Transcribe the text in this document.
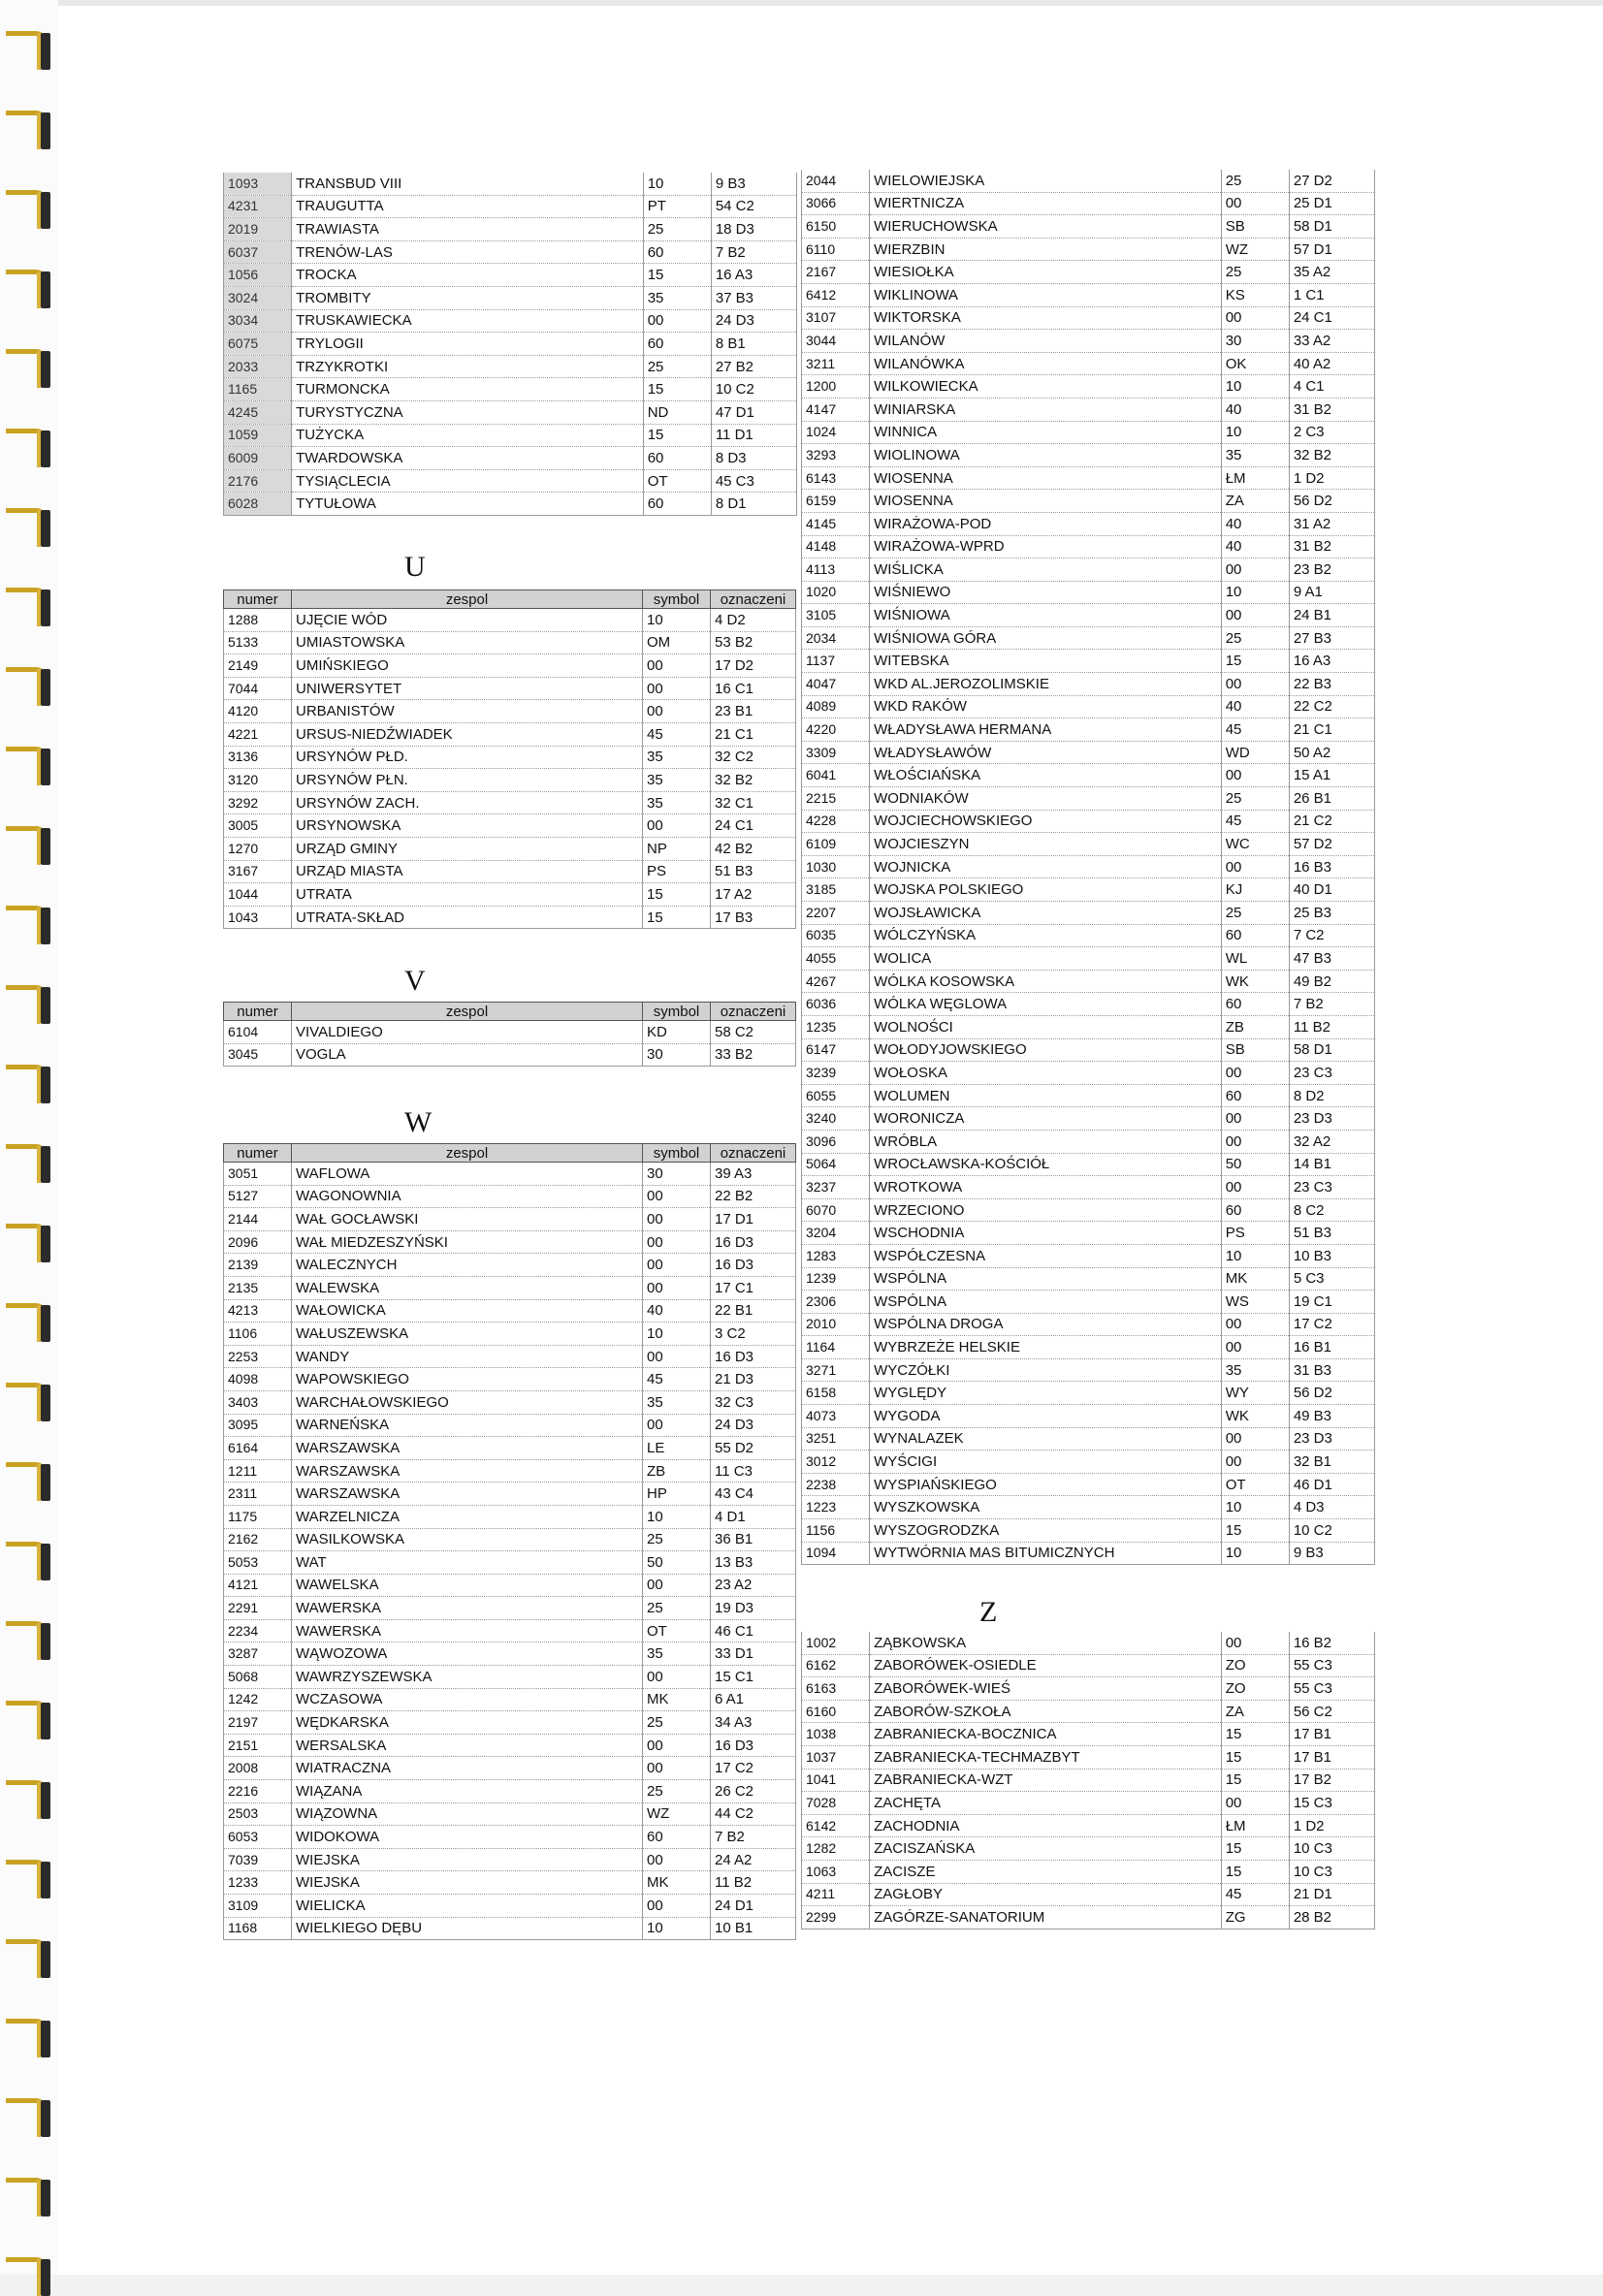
1093	TRANSBUD VIII	10	9 B3
4231	TRAUGUTTA	PT	54 C2
2019	TRAWIASTA	25	18 D3
6037	TRENÓW-LAS	60	7 B2
1056	TROCKA	15	16 A3
3024	TROMBITY	35	37 B3
3034	TRUSKAWIECKA	00	24 D3
6075	TRYLOGII	60	8 B1
2033	TRZYKROTKI	25	27 B2
1165	TURMONCKA	15	10 C2
4245	TURYSTYCZNA	ND	47 D1
1059	TUŻYCKA	15	11 D1
6009	TWARDOWSKA	60	8 D3
2176	TYSIĄCLECIA	OT	45 C3
6028	TYTUŁOWA	60	8 D1
U
numer	zespol	symbol	oznaczeni
1288	UJĘCIE WÓD	10	4 D2
5133	UMIASTOWSKA	OM	53 B2
2149	UMIŃSKIEGO	00	17 D2
7044	UNIWERSYTET	00	16 C1
4120	URBANISTÓW	00	23 B1
4221	URSUS-NIEDŹWIADEK	45	21 C1
3136	URSYNÓW PŁD.	35	32 C2
3120	URSYNÓW PŁN.	35	32 B2
3292	URSYNÓW ZACH.	35	32 C1
3005	URSYNOWSKA	00	24 C1
1270	URZĄD GMINY	NP	42 B2
3167	URZĄD MIASTA	PS	51 B3
1044	UTRATA	15	17 A2
1043	UTRATA-SKŁAD	15	17 B3
V
numer	zespol	symbol	oznaczeni
6104	VIVALDIEGO	KD	58 C2
3045	VOGLA	30	33 B2
W
numer	zespol	symbol	oznaczeni
3051	WAFLOWA	30	39 A3
5127	WAGONOWNIA	00	22 B2
2144	WAŁ GOCŁAWSKI	00	17 D1
2096	WAŁ MIEDZESZYŃSKI	00	16 D3
2139	WALECZNYCH	00	16 D3
2135	WALEWSKA	00	17 C1
4213	WAŁOWICKA	40	22 B1
1106	WAŁUSZEWSKA	10	3 C2
2253	WANDY	00	16 D3
4098	WAPOWSKIEGO	45	21 D3
3403	WARCHAŁOWSKIEGO	35	32 C3
3095	WARNEŃSKA	00	24 D3
6164	WARSZAWSKA	LE	55 D2
1211	WARSZAWSKA	ZB	11 C3
2311	WARSZAWSKA	HP	43 C4
1175	WARZELNICZA	10	4 D1
2162	WASILKOWSKA	25	36 B1
5053	WAT	50	13 B3
4121	WAWELSKA	00	23 A2
2291	WAWERSKA	25	19 D3
2234	WAWERSKA	OT	46 C1
3287	WĄWOZOWA	35	33 D1
5068	WAWRZYSZEWSKA	00	15 C1
1242	WCZASOWA	MK	6 A1
2197	WĘDKARSKA	25	34 A3
2151	WERSALSKA	00	16 D3
2008	WIATRACZNA	00	17 C2
2216	WIĄZANA	25	26 C2
2503	WIĄZOWNA	WZ	44 C2
6053	WIDOKOWA	60	7 B2
7039	WIEJSKA	00	24 A2
1233	WIEJSKA	MK	11 B2
3109	WIELICKA	00	24 D1
1168	WIELKIEGO DĘBU	10	10 B1
2044	WIELOWIEJSKA	25	27 D2
3066	WIERTNICZA	00	25 D1
6150	WIERUCHOWSKA	SB	58 D1
6110	WIERZBIN	WZ	57 D1
2167	WIESIOŁKA	25	35 A2
6412	WIKLINOWA	KS	1 C1
3107	WIKTORSKA	00	24 C1
3044	WILANÓW	30	33 A2
3211	WILANÓWKA	OK	40 A2
1200	WILKOWIECKA	10	4 C1
4147	WINIARSKA	40	31 B2
1024	WINNICA	10	2 C3
3293	WIOLINOWA	35	32 B2
6143	WIOSENNA	ŁM	1 D2
6159	WIOSENNA	ZA	56 D2
4145	WIRAŻOWA-POD	40	31 A2
4148	WIRAŻOWA-WPRD	40	31 B2
4113	WIŚLICKA	00	23 B2
1020	WIŚNIEWO	10	9 A1
3105	WIŚNIOWA	00	24 B1
2034	WIŚNIOWA GÓRA	25	27 B3
1137	WITEBSKA	15	16 A3
4047	WKD AL.JEROZOLIMSKIE	00	22 B3
4089	WKD RAKÓW	40	22 C2
4220	WŁADYSŁAWA HERMANA	45	21 C1
3309	WŁADYSŁAWÓW	WD	50 A2
6041	WŁOŚCIAŃSKA	00	15 A1
2215	WODNIAKÓW	25	26 B1
4228	WOJCIECHOWSKIEGO	45	21 C2
6109	WOJCIESZYN	WC	57 D2
1030	WOJNICKA	00	16 B3
3185	WOJSKA POLSKIEGO	KJ	40 D1
2207	WOJSŁAWICKA	25	25 B3
6035	WÓLCZYŃSKA	60	7 C2
4055	WOLICA	WL	47 B3
4267	WÓLKA KOSOWSKA	WK	49 B2
6036	WÓLKA WĘGLOWA	60	7 B2
1235	WOLNOŚCI	ZB	11 B2
6147	WOŁODYJOWSKIEGO	SB	58 D1
3239	WOŁOSKA	00	23 C3
6055	WOLUMEN	60	8 D2
3240	WORONICZA	00	23 D3
3096	WRÓBLA	00	32 A2
5064	WROCŁAWSKA-KOŚCIÓŁ	50	14 B1
3237	WROTKOWA	00	23 C3
6070	WRZECIONO	60	8 C2
3204	WSCHODNIA	PS	51 B3
1283	WSPÓŁCZESNA	10	10 B3
1239	WSPÓLNA	MK	5 C3
2306	WSPÓLNA	WS	19 C1
2010	WSPÓLNA DROGA	00	17 C2
1164	WYBRZEŻE HELSKIE	00	16 B1
3271	WYCZÓŁKI	35	31 B3
6158	WYGLĘDY	WY	56 D2
4073	WYGODA	WK	49 B3
3251	WYNALAZEK	00	23 D3
3012	WYŚCIGI	00	32 B1
2238	WYSPIAŃSKIEGO	OT	46 D1
1223	WYSZKOWSKA	10	4 D3
1156	WYSZOGRODZKA	15	10 C2
1094	WYTWÓRNIA MAS BITUMICZNYCH	10	9 B3
Z
1002	ZĄBKOWSKA	00	16 B2
6162	ZABORÓWEK-OSIEDLE	ZO	55 C3
6163	ZABORÓWEK-WIEŚ	ZO	55 C3
6160	ZABORÓW-SZKOŁA	ZA	56 C2
1038	ZABRANIECKA-BOCZNICA	15	17 B1
1037	ZABRANIECKA-TECHMAZBYT	15	17 B1
1041	ZABRANIECKA-WZT	15	17 B2
7028	ZACHĘTA	00	15 C3
6142	ZACHODNIA	ŁM	1 D2
1282	ZACISZAŃSKA	15	10 C3
1063	ZACISZE	15	10 C3
4211	ZAGŁOBY	45	21 D1
2299	ZAGÓRZE-SANATORIUM	ZG	28 B2
